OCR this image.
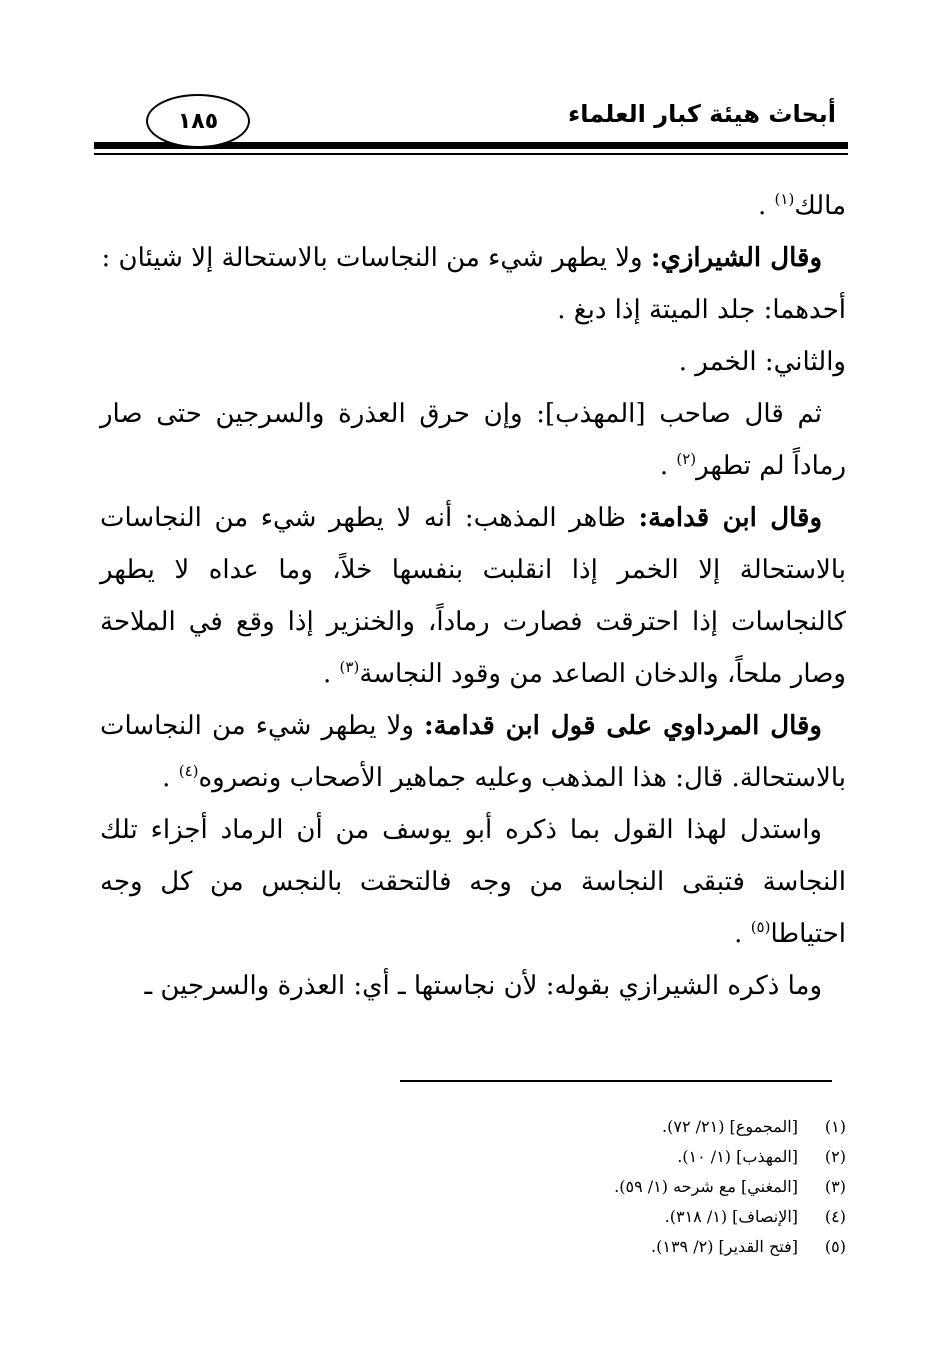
أبحاث هيئة كبار العلماء
١٨٥

مالك$^{(١)}$ .

وقال الشيرازي: ولا يطهر شيء من النجاسات بالاستحالة إلا شيئان :

أحدهما: جلد الميتة إذا دبغ .

والثاني: الخمر .

ثم قال صاحب [المهذب]: وإن حرق العذرة والسرجين حتى صار رماداً لم تطهر$^{(٢)}$ .

وقال ابن قدامة: ظاهر المذهب: أنه لا يطهر شيء من النجاسات بالاستحالة إلا الخمر إذا انقلبت بنفسها خلاً، وما عداه لا يطهر كالنجاسات إذا احترقت فصارت رماداً، والخنزير إذا وقع في الملاحة وصار ملحاً، والدخان الصاعد من وقود النجاسة$^{(٣)}$ .

وقال المرداوي على قول ابن قدامة: ولا يطهر شيء من النجاسات بالاستحالة. قال: هذا المذهب وعليه جماهير الأصحاب ونصروه$^{(٤)}$ .

واستدل لهذا القول بما ذكره أبو يوسف من أن الرماد أجزاء تلك النجاسة فتبقى النجاسة من وجه فالتحقت بالنجس من كل وجه احتياطا$^{(٥)}$ .

وما ذكره الشيرازي بقوله: لأن نجاستها ـ أي: العذرة والسرجين ـ

(١)
[المجموع] (٢١/ ٧٢).
(٢)
[المهذب] (١/ ١٠).
(٣)
[المغني] مع شرحه (١/ ٥٩).
(٤)
[الإنصاف] (١/ ٣١٨).
(٥)
[فتح القدير] (٢/ ١٣٩).
